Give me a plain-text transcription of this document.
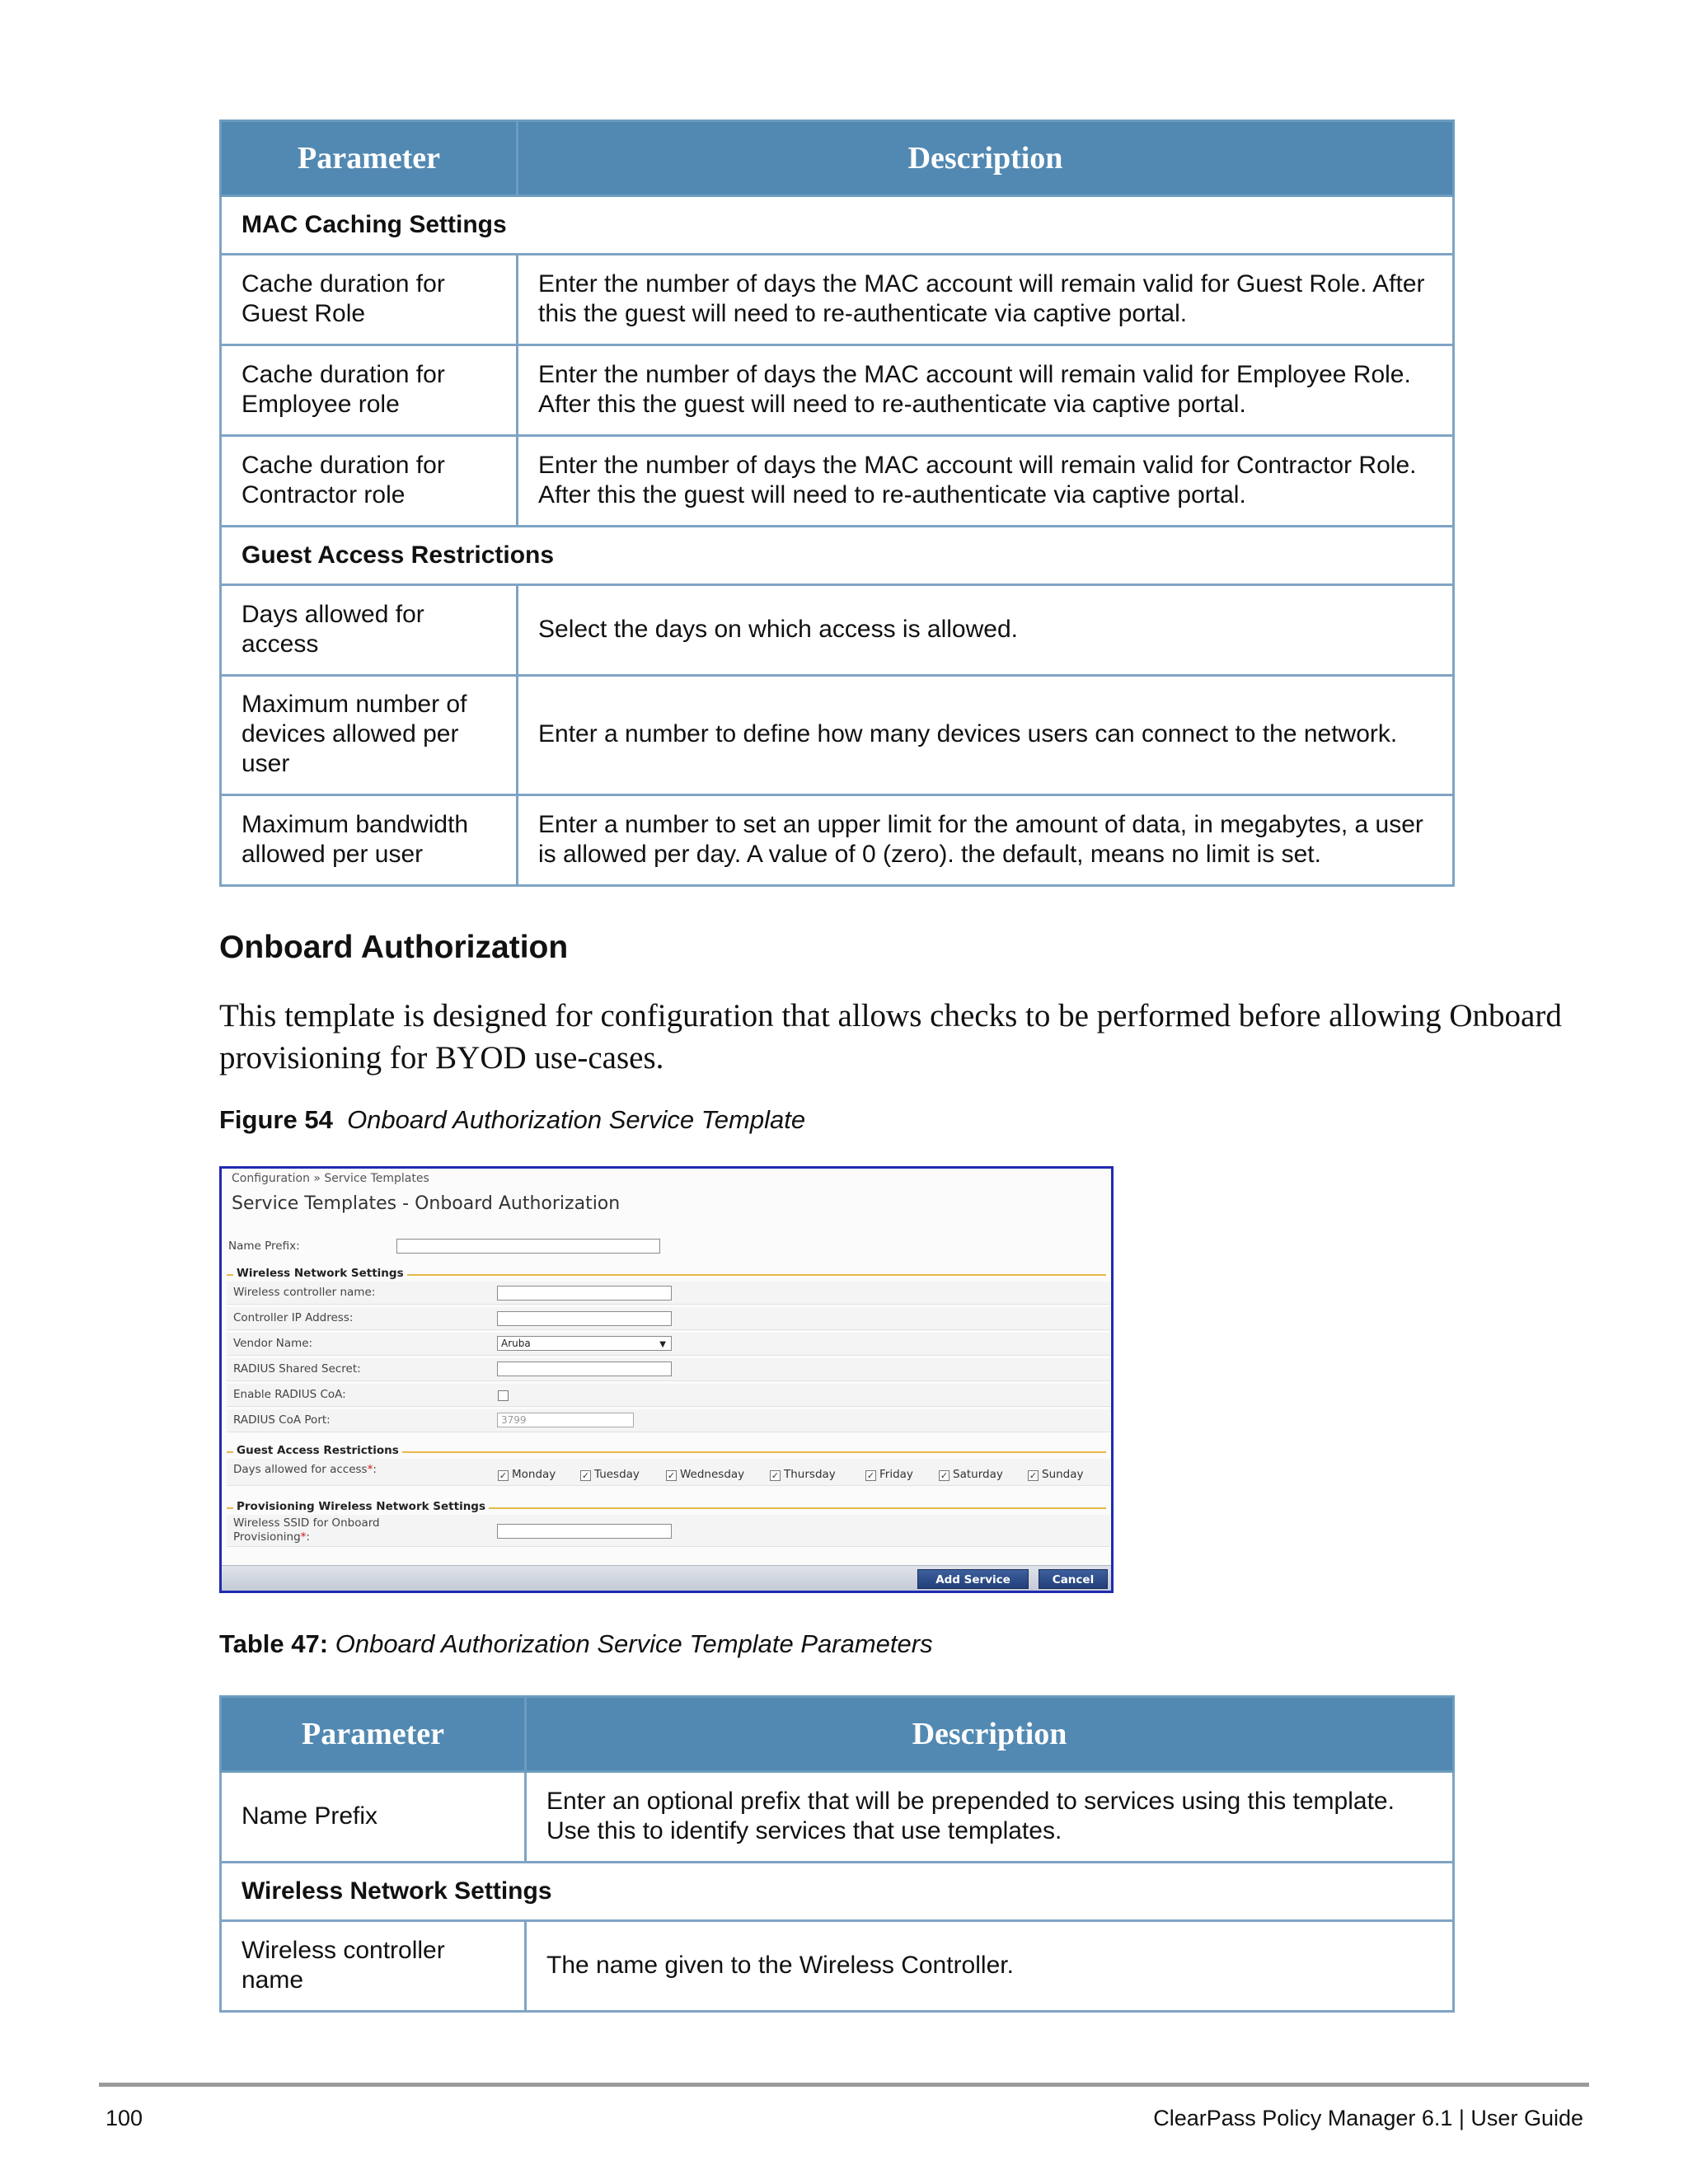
Parameter	Description
MAC Caching Settings	
Cache duration for Guest Role	Enter the number of days the MAC account will remain valid for Guest Role. After this the guest will need to re-authenticate via captive portal.
Cache duration for Employee role	Enter the number of days the MAC account will remain valid for Employee Role. After this the guest will need to re-authenticate via captive portal.
Cache duration for Contractor role	Enter the number of days the MAC account will remain valid for Contractor Role. After this the guest will need to re-authenticate via captive portal.
Guest Access Restrictions	
Days allowed for access	Select the days on which access is allowed.
Maximum number of devices allowed per user	Enter a number to define how many devices users can connect to the network.
Maximum bandwidth allowed per user	Enter a number to set an upper limit for the amount of data, in megabytes, a user is allowed per day. A value of 0 (zero). the default, means no limit is set.
Onboard Authorization
This template is designed for configuration that allows checks to be performed before allowing Onboard provisioning for BYOD use-cases.
Figure 54 Onboard Authorization Service Template
Configuration » Service Templates
Service Templates - Onboard Authorization
Name Prefix:
Wireless Network Settings
Wireless controller name:
Controller IP Address:
Vendor Name:	Aruba	▼
RADIUS Shared Secret:
Enable RADIUS CoA:
RADIUS CoA Port:	3799
Guest Access Restrictions
Days allowed for access*:	✓ Monday	✓ Tuesday	✓ Wednesday	✓ Thursday	✓ Friday	✓ Saturday	✓ Sunday
Provisioning Wireless Network Settings
Wireless SSID for Onboard
Provisioning*:
Add Service	Cancel
Table 47: Onboard Authorization Service Template Parameters
Parameter	Description
Name Prefix	Enter an optional prefix that will be prepended to services using this template. Use this to identify services that use templates.
Wireless Network Settings	
Wireless controller name	The name given to the Wireless Controller.
100	ClearPass Policy Manager 6.1 | User Guide
